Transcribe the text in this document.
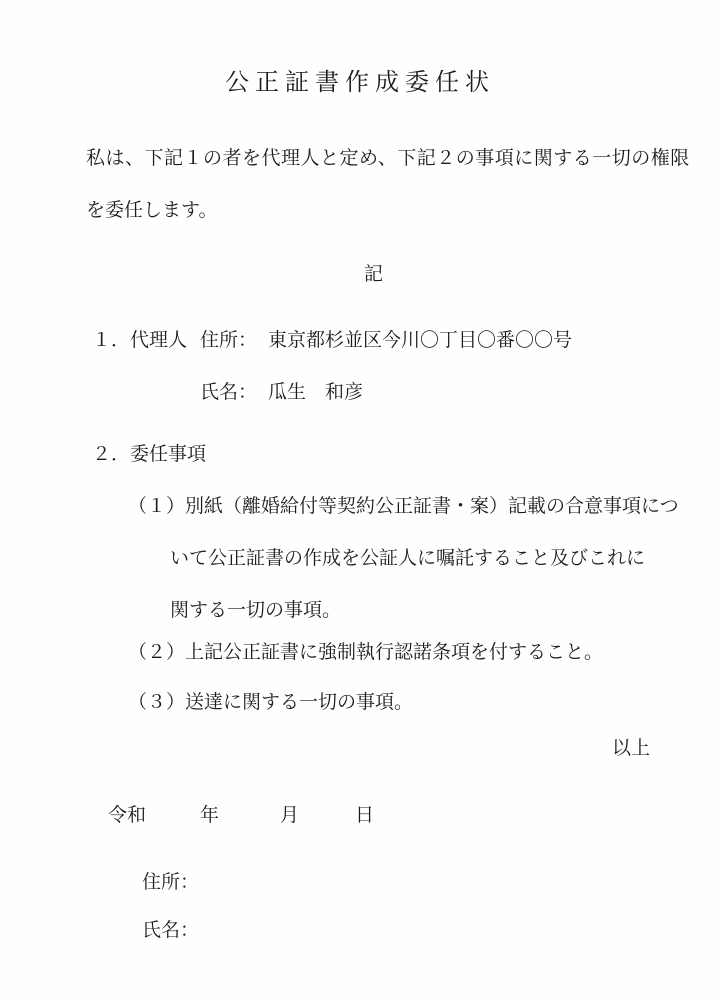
公正証書作成委任状
私は、下記１の者を代理人と定め、下記２の事項に関する一切の権限
を委任します。
記
１．代理人 住所： 東京都杉並区今川〇丁目〇番〇〇号
氏名： 瓜生　和彦
２．委任事項
（１）別紙（離婚給付等契約公正証書・案）記載の合意事項につ
いて公正証書の作成を公証人に嘱託すること及びこれに
関する一切の事項。
（２）上記公正証書に強制執行認諾条項を付すること。
（３）送達に関する一切の事項。
以上
令和	年	月	日
住所：
氏名：
